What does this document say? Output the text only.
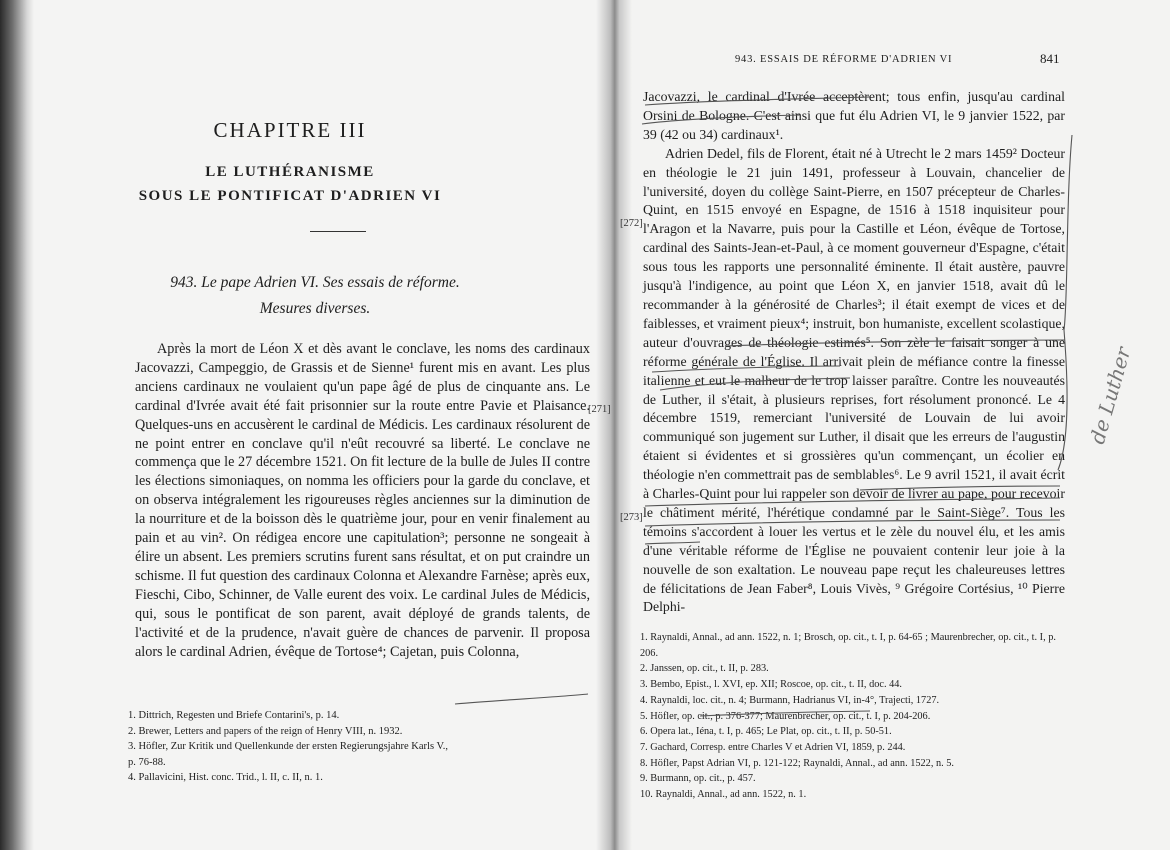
CHAPITRE III
LE LUTHÉRANISME
SOUS LE PONTIFICAT D'ADRIEN VI
943. Le pape Adrien VI. Ses essais de réforme.
Mesures diverses.

Après la mort de Léon X et dès avant le conclave, les noms des cardinaux Jacovazzi, Campeggio, de Grassis et de Sienne¹ furent mis en avant. Les plus anciens cardinaux ne voulaient qu'un pape âgé de plus de cinquante ans. Le cardinal d'Ivrée avait été fait prisonnier sur la route entre Pavie et Plaisance. Quelques-uns en accusèrent le cardinal de Médicis. Les cardinaux résolurent de ne point entrer en conclave qu'il n'eût recouvré sa liberté. Le conclave ne commença que le 27 décembre 1521. On fit lecture de la bulle de Jules II contre les élections simoniaques, on nomma les officiers pour la garde du conclave, et on observa intégralement les rigoureuses règles anciennes sur la diminution de la nourriture et de la boisson dès le quatrième jour, pour en venir finalement au pain et au vin². On rédigea encore une capitulation³; personne ne songeait à élire un absent. Les premiers scrutins furent sans résultat, et on put craindre un schisme. Il fut question des cardinaux Colonna et Alexandre Farnèse; après eux, Fieschi, Cibo, Schinner, de Valle eurent des voix. Le cardinal Jules de Médicis, qui, sous le pontificat de son parent, avait déployé de grands talents, de l'activité et de la prudence, n'avait guère de chances de parvenir. Il proposa alors le cardinal Adrien, évêque de Tortose⁴; Cajetan, puis Colonna,

[271]
1. Dittrich, Regesten und Briefe Contarini's, p. 14.
2. Brewer, Letters and papers of the reign of Henry VIII, n. 1932.
3. Höfler, Zur Kritik und Quellenkunde der ersten Regierungsjahre Karls V.,
p. 76-88.
4. Pallavicini, Hist. conc. Trid., l. II, c. II, n. 1.
943. ESSAIS DE RÉFORME D'ADRIEN VI	841

Jacovazzi, le cardinal d'Ivrée acceptèrent; tous enfin, jusqu'au cardinal Orsini de Bologne. C'est ainsi que fut élu Adrien VI, le 9 janvier 1522, par 39 (42 ou 34) cardinaux¹.

Adrien Dedel, fils de Florent, était né à Utrecht le 2 mars 1459² Docteur en théologie le 21 juin 1491, professeur à Louvain, chancelier de l'université, doyen du collège Saint-Pierre, en 1507 précepteur de Charles-Quint, en 1515 envoyé en Espagne, de 1516 à 1518 inquisiteur pour l'Aragon et la Navarre, puis pour la Castille et Léon, évêque de Tortose, cardinal des Saints-Jean-et-Paul, à ce moment gouverneur d'Espagne, c'était sous tous les rapports une personnalité éminente. Il était austère, pauvre jusqu'à l'indigence, au point que Léon X, en janvier 1518, avait dû le recommander à la générosité de Charles³; il était exempt de vices et de faiblesses, et vraiment pieux⁴; instruit, bon humaniste, excellent scolastique, auteur d'ouvrages de théologie estimés⁵. Son zèle le faisait songer à une réforme générale de l'Église. Il arrivait plein de méfiance contre la finesse italienne et eut le malheur de le trop laisser paraître. Contre les nouveautés de Luther, il s'était, à plusieurs reprises, fort résolument prononcé. Le 4 décembre 1519, remerciant l'université de Louvain de lui avoir communiqué son jugement sur Luther, il disait que les erreurs de l'augustin étaient si évidentes et si grossières qu'un commençant, un écolier en théologie n'en commettrait pas de semblables⁶. Le 9 avril 1521, il avait écrit à Charles-Quint pour lui rappeler son devoir de livrer au pape, pour recevoir le châtiment mérité, l'hérétique condamné par le Saint-Siège⁷. Tous les témoins s'accordent à louer les vertus et le zèle du nouvel élu, et les amis d'une véritable réforme de l'Église ne pouvaient contenir leur joie à la nouvelle de son exaltation. Le nouveau pape reçut les chaleureuses lettres de félicitations de Jean Faber⁸, Louis Vivès, ⁹ Grégoire Cortésius, ¹⁰ Pierre Delphi-

[272]
[273]
1. Raynaldi, Annal., ad ann. 1522, n. 1; Brosch, op. cit., t. I, p. 64-65 ; Maurenbrecher, op. cit., t. I, p. 206.
2. Janssen, op. cit., t. II, p. 283.
3. Bembo, Epist., l. XVI, ep. XII; Roscoe, op. cit., t. II, doc. 44.
4. Raynaldi, loc. cit., n. 4; Burmann, Hadrianus VI, in-4°, Trajecti, 1727.
5. Höfler, op. cit., p. 376-377; Maurenbrecher, op. cit., t. I, p. 204-206.
6. Opera lat., Iéna, t. I, p. 465; Le Plat, op. cit., t. II, p. 50-51.
7. Gachard, Corresp. entre Charles V et Adrien VI, 1859, p. 244.
8. Höfler, Papst Adrian VI, p. 121-122; Raynaldi, Annal., ad ann. 1522, n. 5.
9. Burmann, op. cit., p. 457.
10. Raynaldi, Annal., ad ann. 1522, n. 1.
de Luther
